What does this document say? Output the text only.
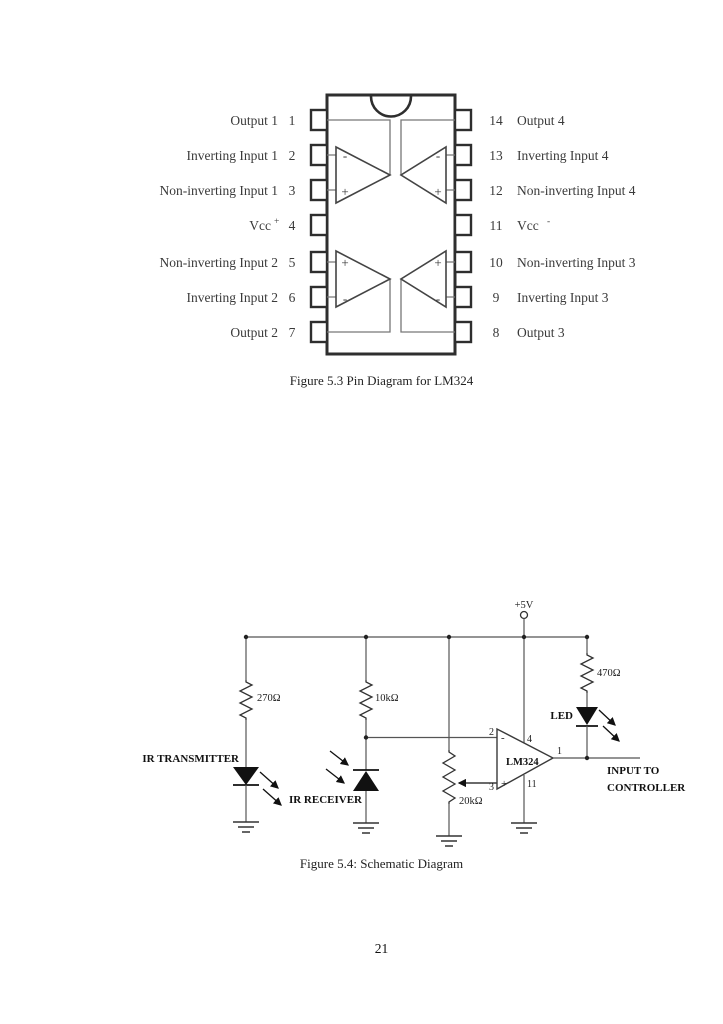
-
+
-
+
+
-
+
-
Output 1
Inverting Input 1
Non-inverting Input 1
Vcc +
Non-inverting Input 2
Inverting Input 2
Output 2
1
2
3
4
5
6
7
14
13
12
11
10
9
8
Output 4
Inverting Input 4
Non-inverting Input 4
Vcc -
Non-inverting Input 3
Inverting Input 3
Output 3
Figure 5.3 Pin Diagram for LM324
+5V
270Ω
IR TRANSMITTER
10kΩ
IR RECEIVER	20kΩ
-
+
LM324
2
3
4
11
1
470Ω
LED
INPUT TO
CONTROLLER
Figure 5.4: Schematic Diagram
21
